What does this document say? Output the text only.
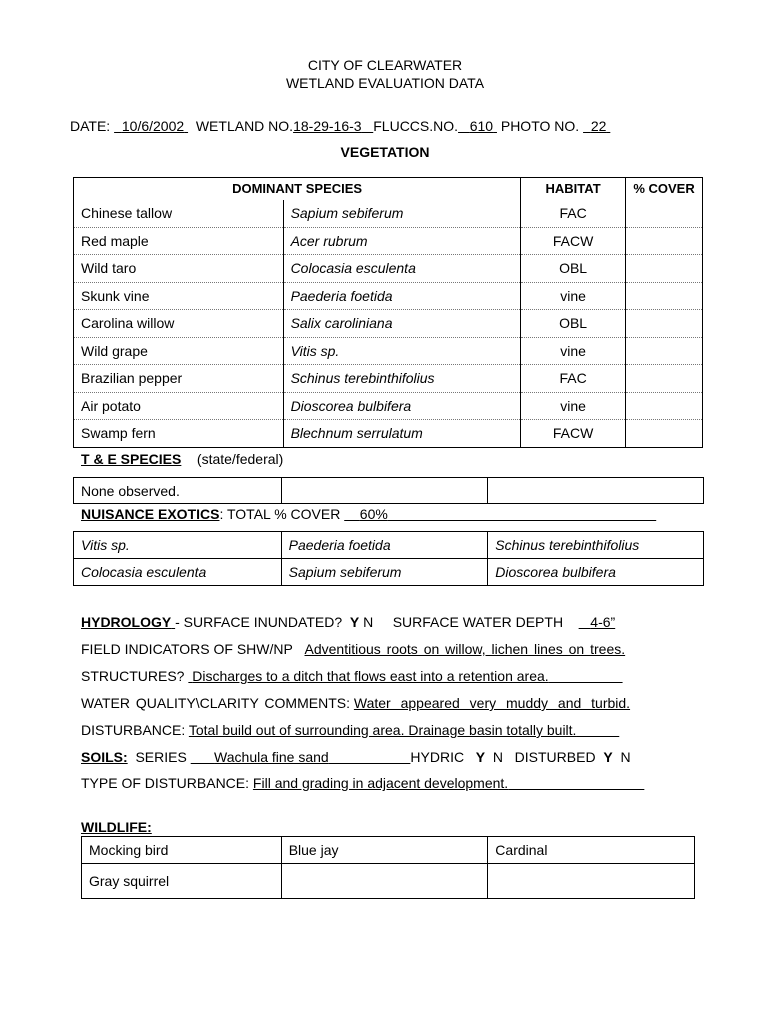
CITY OF CLEARWATER
WETLAND EVALUATION DATA
DATE: 10/6/2002 WETLAND NO.18-29-16-3 FLUCCS.NO. 610 PHOTO NO. 22
VEGETATION
DOMINANT SPECIES		HABITAT	% COVER
Chinese tallow	Sapium sebiferum	FAC	
Red maple	Acer rubrum	FACW	
Wild taro	Colocasia esculenta	OBL	
Skunk vine	Paederia foetida	vine	
Carolina willow	Salix caroliniana	OBL	
Wild grape	Vitis sp.	vine	
Brazilian pepper	Schinus terebinthifolius	FAC	
Air potato	Dioscorea bulbifera	vine	
Swamp fern	Blechnum serrulatum	FACW	
T & E SPECIES (state/federal)
None observed.		
NUISANCE EXOTICS: TOTAL % COVER 60%
Vitis sp.	Paederia foetida	Schinus terebinthifolius
Colocasia esculenta	Sapium sebiferum	Dioscorea bulbifera
HYDROLOGY - SURFACE INUNDATED? Y N SURFACE WATER DEPTH 4-6”
FIELD INDICATORS OF SHW/NP Adventitious roots on willow, lichen lines on trees.
STRUCTURES? Discharges to a ditch that flows east into a retention area.
WATER QUALITY\CLARITY COMMENTS: Water appeared very muddy and turbid.
DISTURBANCE: Total build out of surrounding area. Drainage basin totally built.
SOILS: SERIES Wachula fine sand	HYDRIC Y N DISTURBED Y N
TYPE OF DISTURBANCE: Fill and grading in adjacent development.
WILDLIFE:
Mocking bird	Blue jay	Cardinal
Gray squirrel		
